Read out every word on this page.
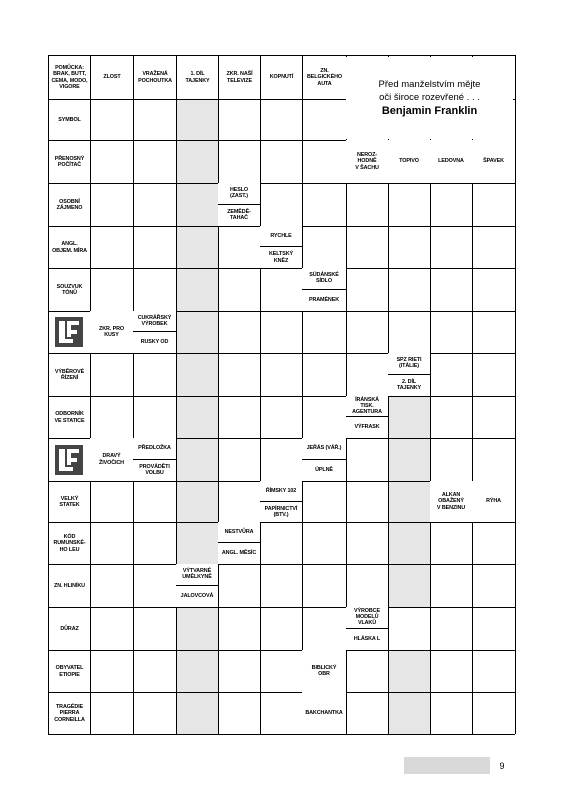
POMŮCKA:
BRAK, BUTT,
CEMA, MODO,
VIGORE
ZLOST
VRAŽENÁ
POCHOUTKA
1. DÍL
TAJENKY
ZKR. NAŠÍ
TELEVIZE
KOPNUTÍ
ZN.
BELGICKÉHO
AUTA
SYMBOL
PŘENOSNÝ
POČÍTAČ
OSOBNÍ
ZÁJMENO
ANGL.
OBJEM. MÍRA
SOUZVUK
TÓNŮ
VÝBĚROVÉ
ŘÍZENÍ
ODBORNÍK
VE STATICE
VELKÝ
STATEK
KÓD
RUMUNSKÉ-
HO LEU
ZN. HLINÍKU
DŮRAZ
OBYVATEL
ETIOPIE
TRAGÉDIE
PIERRA
CORNEILLA
NEROZ-
HODNĚ
V ŠACHU
TOPIVO	LEDOVNA	ŠPAVEK
HESLO
(ZAST.)
ZEMĚDĚ-
TAHAČ
RYCHLE
KELTSKÝ
KNĚZ
SÚDÁNSKÉ
SÍDLO
PRAMÉNEK
ZKR. PRO
KUSY
CUKRÁŘSKÝ
VÝROBEK
RUSKY OD
SPZ RIETI
(ITÁLIE)
2. DÍL
TAJENKY
ÍRÁNSKÁ
TISK.
AGENTURA
VÝFRASK
DRAVÝ
ŽIVOČICH
PŘEDLOŽKA
PROVÁDĚTI
VOLBU
JEŘÁS (VÁŘ.)
ÚPLNĚ
ŘÍMSKY 102
PAPÍRNICTVÍ
(BTV.)
ALKAN
OBAŽENÝ
V BENZINU
RÝHA
NESTVŮRA
ANGL. MĚSÍC
VÝTVARNÉ
UMĚLKYNĚ
JALOVCOVÁ
VÝROBCE
MODELŮ
VLAKŮ
HLÁSKA L
BIBLICKÝ
OBR
BAKCHANTKA
Před manželstvím mějte
oči široce rozevřené . . .
Benjamin Franklin
9
